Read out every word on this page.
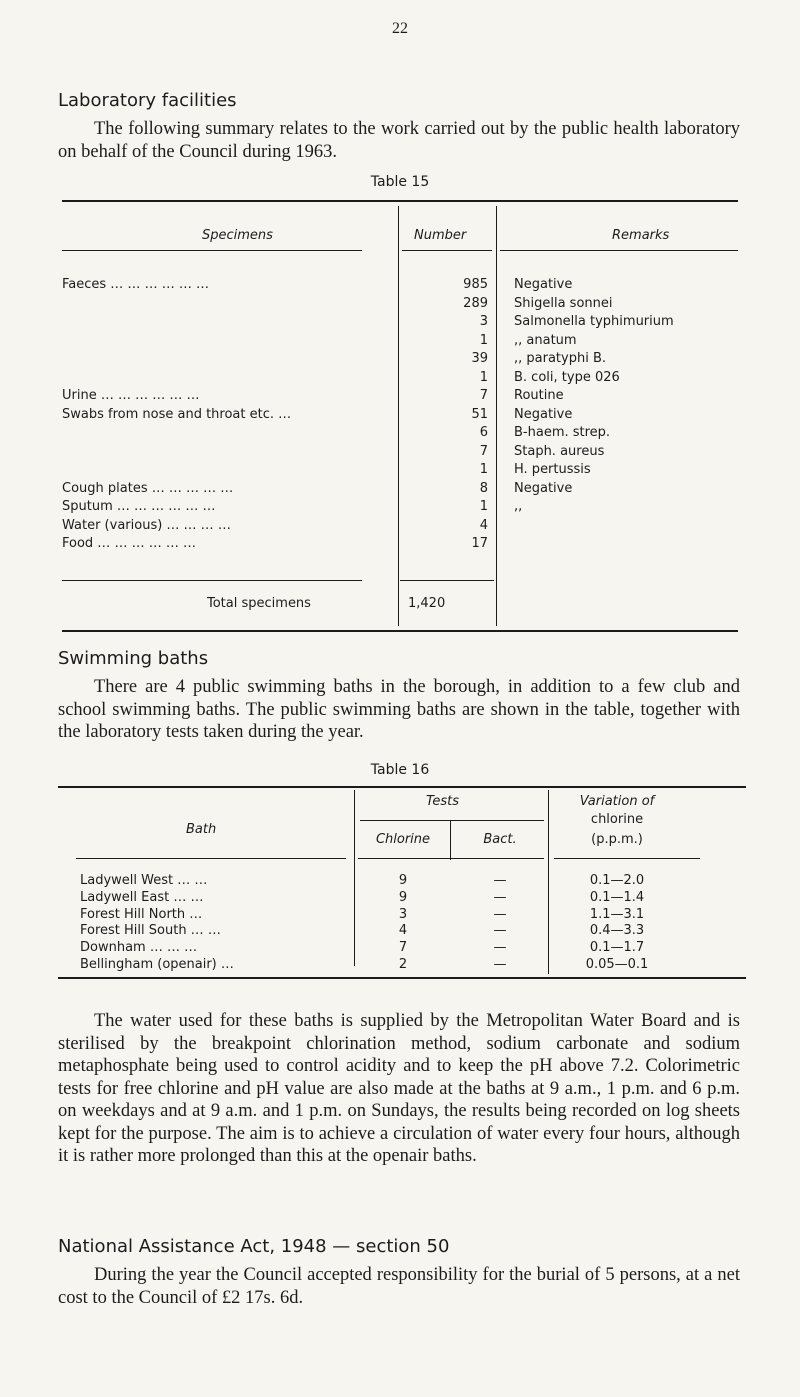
22
Laboratory facilities

The following summary relates to the work carried out by the public health laboratory on behalf of the Council during 1963.

Table 15
Specimens	Number	Remarks
Faeces … … … … … …	985 Negative
289 Shigella sonnei
3 Salmonella typhimurium
1 ,, anatum
39 ,, paratyphi B.
1 B. coli, type 026
Urine … … … … … …	7 Routine
Swabs from nose and throat etc. …	51 Negative
6 B-haem. strep.
7 Staph. aureus
1 H. pertussis
Cough plates … … … … …	8 Negative
Sputum … … … … … …	1 ,,
Water (various) … … … …	4
Food … … … … … …	17
Total specimens	1,420
Swimming baths

There are 4 public swimming baths in the borough, in addition to a few club and school swimming baths. The public swimming baths are shown in the table, together with the laboratory tests taken during the year.

Table 16
Bath
Tests
Chlorine	Bact.
Variation of
chlorine
(p.p.m.)
Ladywell West … …	9	—	0.1—2.0
Ladywell East … …	9	—	0.1—1.4
Forest Hill North …	3	—	1.1—3.1
Forest Hill South … …	4	—	0.4—3.3
Downham … … …	7	—	0.1—1.7
Bellingham (openair) …	2	—	0.05—0.1

The water used for these baths is supplied by the Metropolitan Water Board and is sterilised by the breakpoint chlorination method, sodium carbonate and sodium metaphosphate being used to control acidity and to keep the pH above 7.2. Colorimetric tests for free chlorine and pH value are also made at the baths at 9 a.m., 1 p.m. and 6 p.m. on weekdays and at 9 a.m. and 1 p.m. on Sundays, the results being recorded on log sheets kept for the purpose. The aim is to achieve a circulation of water every four hours, although it is rather more prolonged than this at the openair baths.

National Assistance Act, 1948 — section 50

During the year the Council accepted responsibility for the burial of 5 persons, at a net cost to the Council of £2 17s. 6d.
